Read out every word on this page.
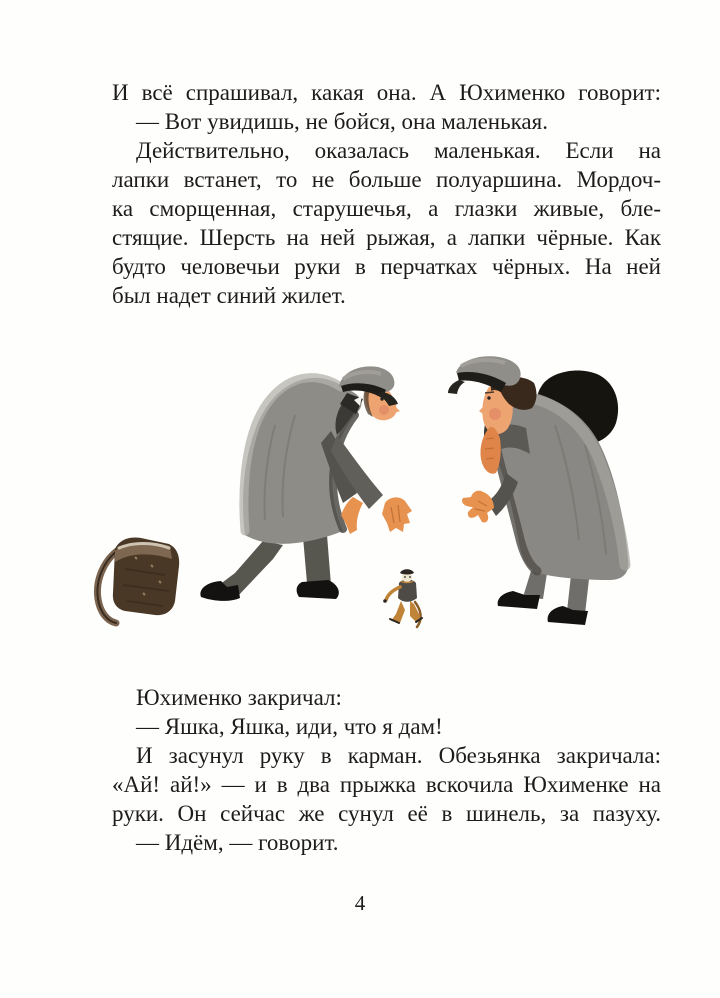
И всё спрашивал, какая она. А Юхименко говорит:
— Вот увидишь, не бойся, она маленькая.
Действительно, оказалась маленькая. Если на
лапки встанет, то не больше полуаршина. Мордоч-
ка сморщенная, старушечья, а глазки живые, бле-
стящие. Шерсть на ней рыжая, а лапки чёрные. Как
будто человечьи руки в перчатках чёрных. На ней
был надет синий жилет.
Юхименко закричал:
— Яшка, Яшка, иди, что я дам!
И засунул руку в карман. Обезьянка закричала:
«Ай! ай!» — и в два прыжка вскочила Юхименке на
руки. Он сейчас же сунул её в шинель, за пазуху.
— Идём, — говорит.
4
